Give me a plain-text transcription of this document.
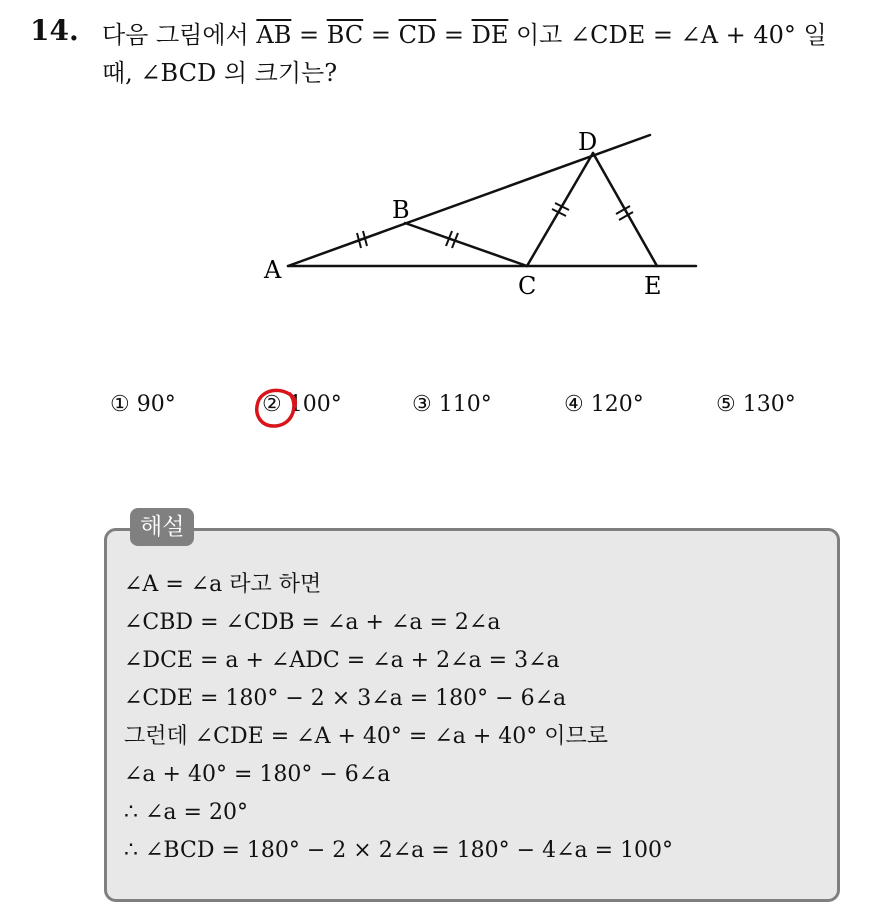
14. 다음 그림에서 $\overline{AB} = \overline{BC} = \overline{CD} = \overline{DE}$ 이고 ∠CDE = ∠A + 40° 일
때, ∠BCD 의 크기는?
A
B
C
D
E
① 90°	② 100°	③ 110°	④ 120°	⑤ 130°
해설
∠A = ∠a 라고 하면
∠CBD = ∠CDB = ∠a + ∠a = 2∠a
∠DCE = a + ∠ADC = ∠a + 2∠a = 3∠a
∠CDE = 180° − 2 × 3∠a = 180° − 6∠a
그런데 ∠CDE = ∠A + 40° = ∠a + 40° 이므로
∠a + 40° = 180° − 6∠a
∴ ∠a = 20°
∴ ∠BCD = 180° − 2 × 2∠a = 180° − 4∠a = 100°
